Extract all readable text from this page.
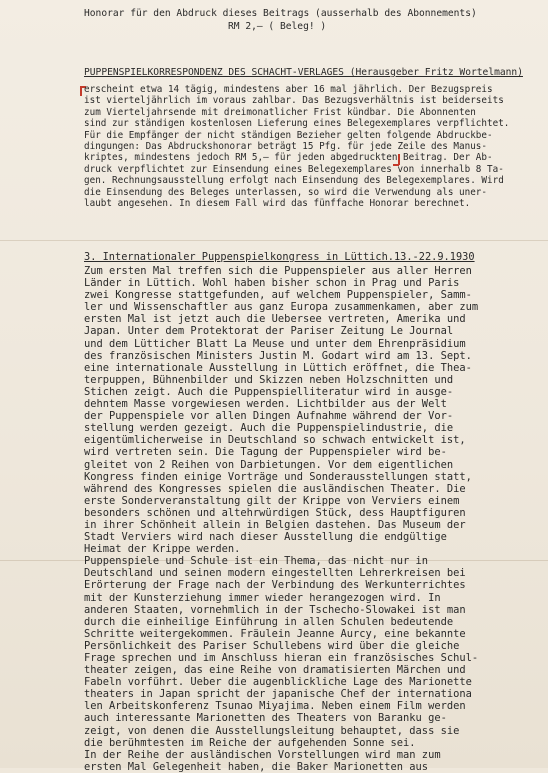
Honorar für den Abdruck dieses Beitrags (ausserhalb des Abonnements)
RM 2,— ( Beleg! )
PUPPENSPIELKORRESPONDENZ DES SCHACHT-VERLAGES (Herausgeber Fritz Wortelmann)
erscheint etwa 14 tägig, mindestens aber 16 mal jährlich. Der Bezugspreis
ist vierteljährlich im voraus zahlbar. Das Bezugsverhältnis ist beiderseits
zum Vierteljahrsende mit dreimonatlicher Frist kündbar. Die Abonnenten
sind zur ständigen kostenlosen Lieferung eines Belegexemplares verpflichtet.
Für die Empfänger der nicht ständigen Bezieher gelten folgende Abdruckbe-
dingungen: Das Abdruckshonorar beträgt 15 Pfg. für jede Zeile des Manus-
kriptes, mindestens jedoch RM 5,— für jeden abgedruckten Beitrag. Der Ab-
druck verpflichtet zur Einsendung eines Belegexemplares von innerhalb 8 Ta-
gen. Rechnungsausstellung erfolgt nach Einsendung des Belegexemplares. Wird
die Einsendung des Beleges unterlassen, so wird die Verwendung als uner-
laubt angesehen. In diesem Fall wird das fünffache Honorar berechnet.
3. Internationaler Puppenspielkongress in Lüttich.13.-22.9.1930
Zum ersten Mal treffen sich die Puppenspieler aus aller Herren
Länder in Lüttich. Wohl haben bisher schon in Prag und Paris
zwei Kongresse stattgefunden, auf welchem Puppenspieler, Samm-
ler und Wissenschaftler aus ganz Europa zusammenkamen, aber zum
ersten Mal ist jetzt auch die Uebersee vertreten, Amerika und
Japan. Unter dem Protektorat der Pariser Zeitung Le Journal
und dem Lütticher Blatt La Meuse und unter dem Ehrenpräsidium
des französischen Ministers Justin M. Godart wird am 13. Sept.
eine internationale Ausstellung in Lüttich eröffnet, die Thea-
terpuppen, Bühnenbilder und Skizzen neben Holzschnitten und
Stichen zeigt. Auch die Puppenspielliteratur wird in ausge-
dehntem Masse vorgewiesen werden. Lichtbilder aus der Welt
der Puppenspiele vor allen Dingen Aufnahme während der Vor-
stellung werden gezeigt. Auch die Puppenspielindustrie, die
eigentümlicherweise in Deutschland so schwach entwickelt ist,
wird vertreten sein. Die Tagung der Puppenspieler wird be-
gleitet von 2 Reihen von Darbietungen. Vor dem eigentlichen
Kongress finden einige Vorträge und Sonderausstellungen statt,
während des Kongresses spielen die ausländischen Theater. Die
erste Sonderveranstaltung gilt der Krippe von Verviers einem
besonders schönen und altehrwürdigen Stück, dess Hauptfiguren
in ihrer Schönheit allein in Belgien dastehen. Das Museum der
Stadt Verviers wird nach dieser Ausstellung die endgültige
Heimat der Krippe werden.
Puppenspiele und Schule ist ein Thema, das nicht nur in
Deutschland und seinen modern eingestellten Lehrerkreisen bei
Erörterung der Frage nach der Verbindung des Werkunterrichtes
mit der Kunsterziehung immer wieder herangezogen wird. In
anderen Staaten, vornehmlich in der Tschecho-Slowakei ist man
durch die einheilige Einführung in allen Schulen bedeutende
Schritte weitergekommen. Fräulein Jeanne Aurcy, eine bekannte
Persönlichkeit des Pariser Schullebens wird über die gleiche
Frage sprechen und im Anschluss hieran ein französisches Schul-
theater zeigen, das eine Reihe von dramatisierten Märchen und
Fabeln vorführt. Ueber die augenblickliche Lage des Marionette
theaters in Japan spricht der japanische Chef der internationa
len Arbeitskonferenz Tsunao Miyajima. Neben einem Film werden
auch interessante Marionetten des Theaters von Baranku ge-
zeigt, von denen die Ausstellungsleitung behauptet, dass sie
die berühmtesten im Reiche der aufgehenden Sonne sei.
In der Reihe der ausländischen Vorstellungen wird man zum
ersten Mal Gelegenheit haben, die Baker Marionetten aus
